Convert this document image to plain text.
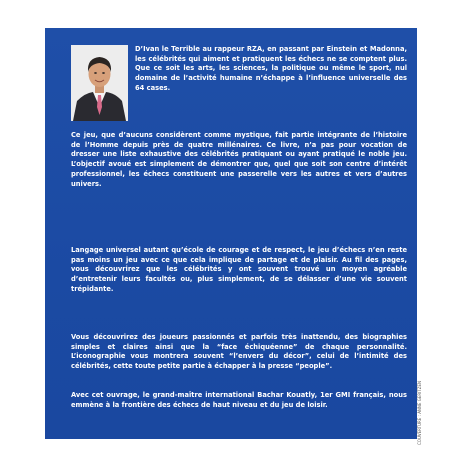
D’Ivan le Terrible au rappeur RZA, en passant par Einstein et Madonna, les célébrités qui aiment et pratiquent les échecs ne se comptent plus. Que ce soit les arts, les sciences, la politique ou même le sport, nul domaine de l’activité humaine n’échappe à l’influence universelle des 64 cases.

Ce jeu, que d’aucuns considèrent comme mystique, fait partie intégrante de l’histoire de l’Homme depuis près de quatre millénaires. Ce livre, n’a pas pour vocation de dresser une liste exhaustive des célébrités pratiquant ou ayant pratiqué le noble jeu. L’objectif avoué est simplement de démontrer que, quel que soit son centre d’intérêt professionnel, les échecs constituent une passerelle vers les autres et vers d’autres univers.

Langage universel autant qu’école de courage et de respect, le jeu d’échecs n’en reste pas moins un jeu avec ce que cela implique de partage et de plaisir. Au fil des pages, vous découvrirez que les célébrités y ont souvent trouvé un moyen agréable d’entretenir leurs facultés ou, plus simplement, de se délasser d’une vie souvent trépidante.

Vous découvrirez des joueurs passionnés et parfois très inattendu, des biographies simples et claires ainsi que la “face échiquéenne” de chaque personnalité. L’iconographie vous montrera souvent “l’envers du décor”, celui de l’intimité des célébrités, cette toute petite partie à échapper à la presse “people”.

Avec cet ouvrage, le grand-maître international Bachar Kouatly, 1er GMI français, nous emmène à la frontière des échecs de haut niveau et du jeu de loisir.	COUVERTURE : ANNE GERITZEN
